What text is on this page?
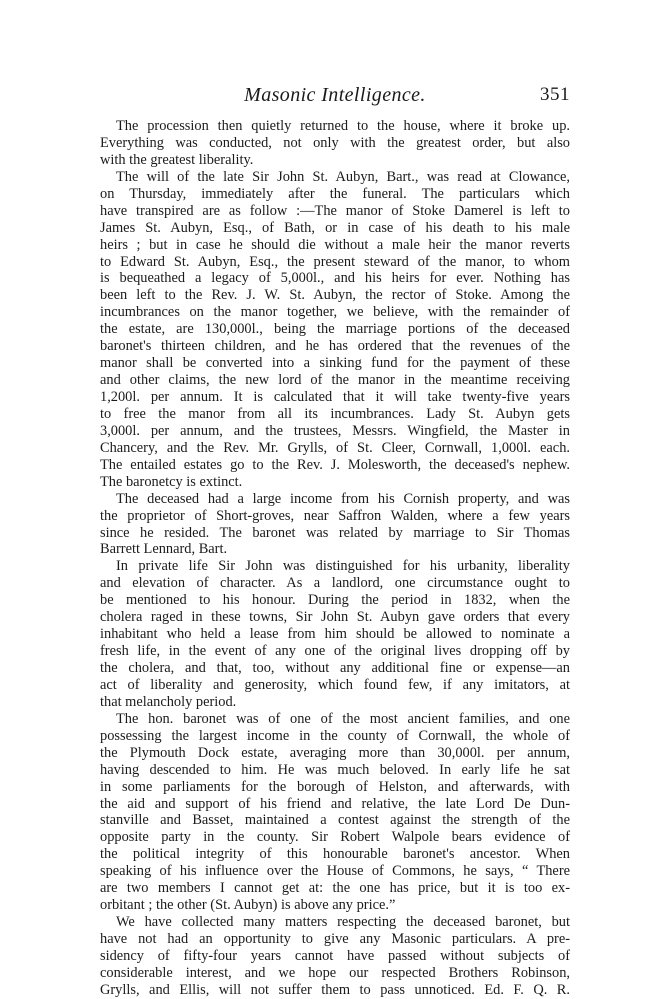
Masonic Intelligence.	351
The procession then quietly returned to the house, where it broke up.
Everything was conducted, not only with the greatest order, but also
with the greatest liberality.
The will of the late Sir John St. Aubyn, Bart., was read at Clowance,
on Thursday, immediately after the funeral. The particulars which
have transpired are as follow :—The manor of Stoke Damerel is left to
James St. Aubyn, Esq., of Bath, or in case of his death to his male
heirs ; but in case he should die without a male heir the manor reverts
to Edward St. Aubyn, Esq., the present steward of the manor, to whom
is bequeathed a legacy of 5,000l., and his heirs for ever. Nothing has
been left to the Rev. J. W. St. Aubyn, the rector of Stoke. Among the
incumbrances on the manor together, we believe, with the remainder of
the estate, are 130,000l., being the marriage portions of the deceased
baronet's thirteen children, and he has ordered that the revenues of the
manor shall be converted into a sinking fund for the payment of these
and other claims, the new lord of the manor in the meantime receiving
1,200l. per annum. It is calculated that it will take twenty-five years
to free the manor from all its incumbrances. Lady St. Aubyn gets
3,000l. per annum, and the trustees, Messrs. Wingfield, the Master in
Chancery, and the Rev. Mr. Grylls, of St. Cleer, Cornwall, 1,000l. each.
The entailed estates go to the Rev. J. Molesworth, the deceased's nephew.
The baronetcy is extinct.
The deceased had a large income from his Cornish property, and was
the proprietor of Short-groves, near Saffron Walden, where a few years
since he resided. The baronet was related by marriage to Sir Thomas
Barrett Lennard, Bart.
In private life Sir John was distinguished for his urbanity, liberality
and elevation of character. As a landlord, one circumstance ought to
be mentioned to his honour. During the period in 1832, when the
cholera raged in these towns, Sir John St. Aubyn gave orders that every
inhabitant who held a lease from him should be allowed to nominate a
fresh life, in the event of any one of the original lives dropping off by
the cholera, and that, too, without any additional fine or expense—an
act of liberality and generosity, which found few, if any imitators, at
that melancholy period.
The hon. baronet was of one of the most ancient families, and one
possessing the largest income in the county of Cornwall, the whole of
the Plymouth Dock estate, averaging more than 30,000l. per annum,
having descended to him. He was much beloved. In early life he sat
in some parliaments for the borough of Helston, and afterwards, with
the aid and support of his friend and relative, the late Lord De Dun-
stanville and Basset, maintained a contest against the strength of the
opposite party in the county. Sir Robert Walpole bears evidence of
the political integrity of this honourable baronet's ancestor. When
speaking of his influence over the House of Commons, he says, “ There
are two members I cannot get at: the one has price, but it is too ex-
orbitant ; the other (St. Aubyn) is above any price.”
We have collected many matters respecting the deceased baronet, but
have not had an opportunity to give any Masonic particulars. A pre-
sidency of fifty-four years cannot have passed without subjects of
considerable interest, and we hope our respected Brothers Robinson,
Grylls, and Ellis, will not suffer them to pass unnoticed. Ed. F. Q. R.
